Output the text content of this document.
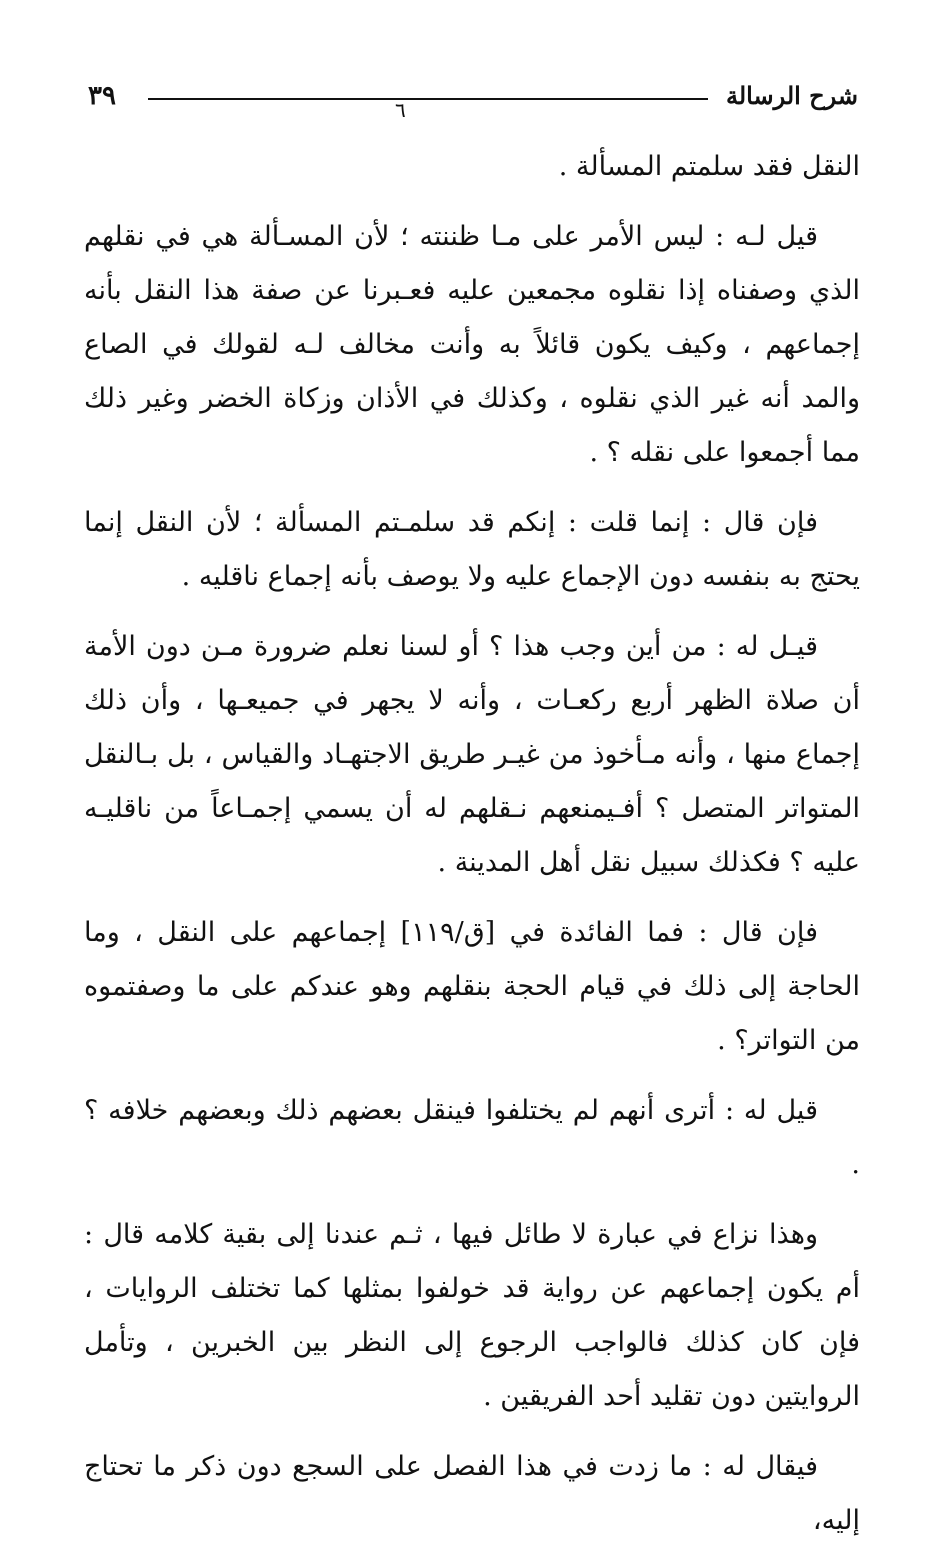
شرح الرسالة
٣٩	٦

النقل فقد سلمتم المسألة .

قيل لـه : ليس الأمر على مـا ظننته ؛ لأن المسـألة هي في نقلهم الذي وصفناه إذا نقلوه مجمعين عليه فعـبرنا عن صفة هذا النقل بأنه إجماعهم ، وكيف يكون قائلاً به وأنت مخالف لـه لقولك في الصاع والمد أنه غير الذي نقلوه ، وكذلك في الأذان وزكاة الخضر وغير ذلك مما أجمعوا على نقله ؟ .

فإن قال : إنما قلت : إنكم قد سلمـتم المسألة ؛ لأن النقل إنما يحتج به بنفسه دون الإجماع عليه ولا يوصف بأنه إجماع ناقليه .

قيـل له : من أين وجب هذا ؟ أو لسنا نعلم ضرورة مـن دون الأمة أن صلاة الظهر أربع ركعـات ، وأنه لا يجهر في جميعـها ، وأن ذلك إجماع منها ، وأنه مـأخوذ من غيـر طريق الاجتهـاد والقياس ، بل بـالنقل المتواتر المتصل ؟ أفـيمنعهم نـقلهم له أن يسمي إجمـاعاً من ناقليـه عليه ؟ فكذلك سبيل نقل أهل المدينة .

فإن قال : فما الفائدة في [ق/١١٩] إجماعهم على النقل ، وما الحاجة إلى ذلك في قيام الحجة بنقلهم وهو عندكم على ما وصفتموه من التواتر؟ .

قيل له : أترى أنهم لم يختلفوا فينقل بعضهم ذلك وبعضهم خلافه ؟ .

وهذا نزاع في عبارة لا طائل فيها ، ثـم عندنا إلى بقية كلامه قال : أم يكون إجماعهم عن رواية قد خولفوا بمثلها كما تختلف الروايات ، فإن كان كذلك فالواجب الرجوع إلى النظر بين الخبرين ، وتأمل الروايتين دون تقليد أحد الفريقين .

فيقال له : ما زدت في هذا الفصل على السجع دون ذكر ما تحتاج إليه،
